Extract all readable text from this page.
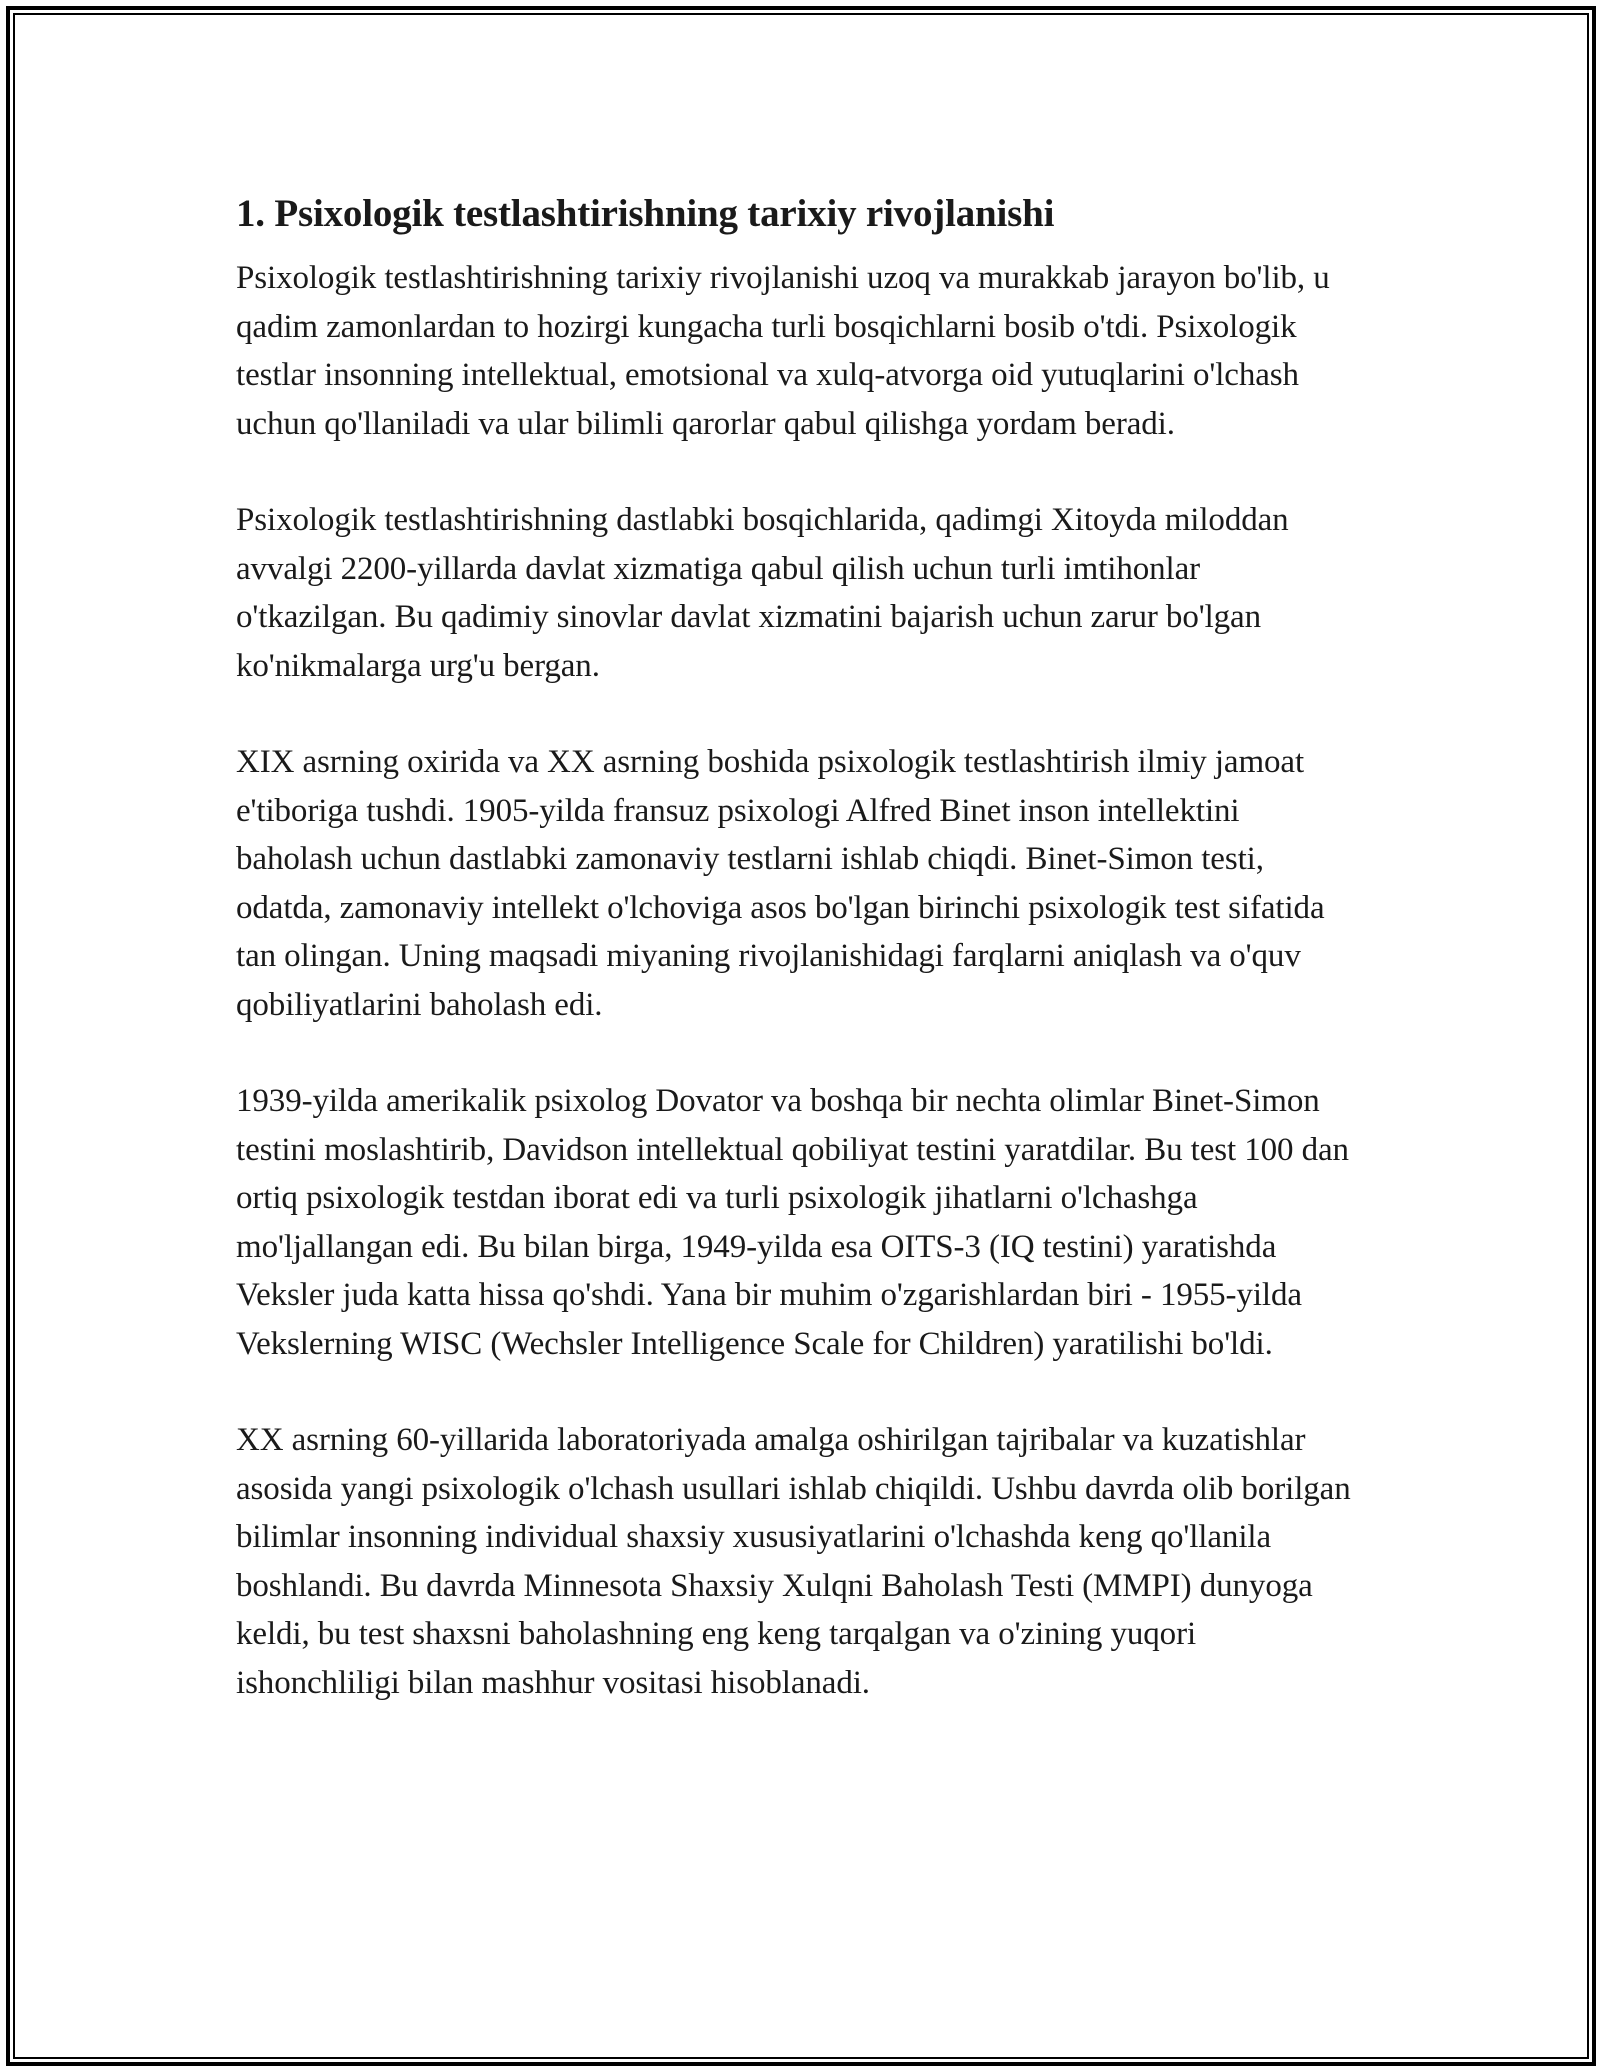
1. Psixologik testlashtirishning tarixiy rivojlanishi

Psixologik testlashtirishning tarixiy rivojlanishi uzoq va murakkab jarayon bo'lib, u qadim zamonlardan to hozirgi kungacha turli bosqichlarni bosib o'tdi. Psixologik testlar insonning intellektual, emotsional va xulq-atvorga oid yutuqlarini o'lchash uchun qo'llaniladi va ular bilimli qarorlar qabul qilishga yordam beradi.

Psixologik testlashtirishning dastlabki bosqichlarida, qadimgi Xitoyda miloddan avvalgi 2200-yillarda davlat xizmatiga qabul qilish uchun turli imtihonlar o'tkazilgan. Bu qadimiy sinovlar davlat xizmatini bajarish uchun zarur bo'lgan ko'nikmalarga urg'u bergan.

XIX asrning oxirida va XX asrning boshida psixologik testlashtirish ilmiy jamoat e'tiboriga tushdi. 1905-yilda fransuz psixologi Alfred Binet inson intellektini baholash uchun dastlabki zamonaviy testlarni ishlab chiqdi. Binet-Simon testi, odatda, zamonaviy intellekt o'lchoviga asos bo'lgan birinchi psixologik test sifatida tan olingan. Uning maqsadi miyaning rivojlanishidagi farqlarni aniqlash va o'quv qobiliyatlarini baholash edi.

1939-yilda amerikalik psixolog Dovator va boshqa bir nechta olimlar Binet-Simon testini moslashtirib, Davidson intellektual qobiliyat testini yaratdilar. Bu test 100 dan ortiq psixologik testdan iborat edi va turli psixologik jihatlarni o'lchashga mo'ljallangan edi. Bu bilan birga, 1949-yilda esa OITS-3 (IQ testini) yaratishda Veksler juda katta hissa qo'shdi. Yana bir muhim o'zgarishlardan biri - 1955-yilda Vekslerning WISC (Wechsler Intelligence Scale for Children) yaratilishi bo'ldi.

XX asrning 60-yillarida laboratoriyada amalga oshirilgan tajribalar va kuzatishlar asosida yangi psixologik o'lchash usullari ishlab chiqildi. Ushbu davrda olib borilgan bilimlar insonning individual shaxsiy xususiyatlarini o'lchashda keng qo'llanila boshlandi. Bu davrda Minnesota Shaxsiy Xulqni Baholash Testi (MMPI) dunyoga keldi, bu test shaxsni baholashning eng keng tarqalgan va o'zining yuqori ishonchliligi bilan mashhur vositasi hisoblanadi.
